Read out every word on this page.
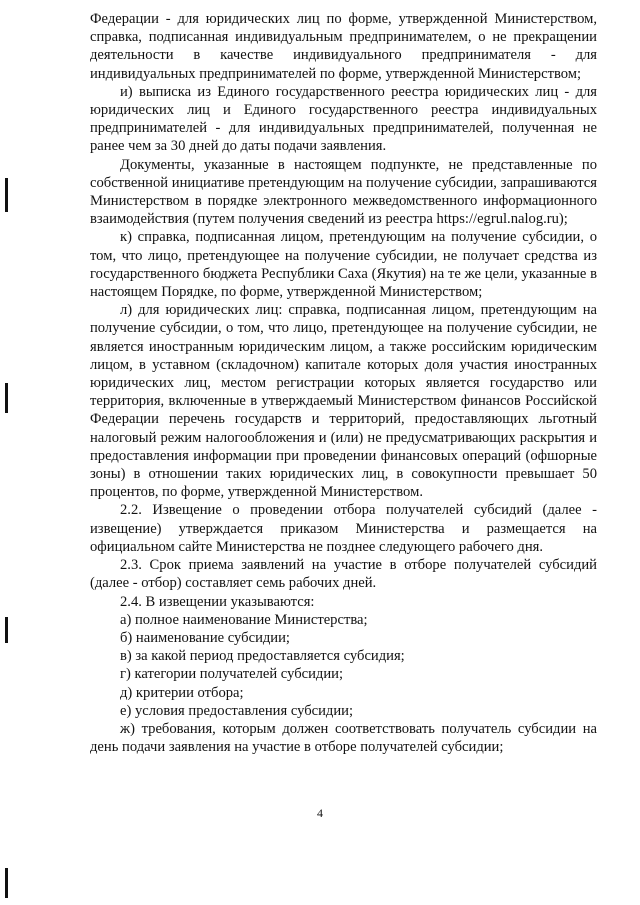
Федерации - для юридических лиц по форме, утвержденной Министерством, справка, подписанная индивидуальным предпринимателем, о не прекращении деятельности в качестве индивидуального предпринимателя - для индивидуальных предпринимателей по форме, утвержденной Министерством;

и) выписка из Единого государственного реестра юридических лиц - для юридических лиц и Единого государственного реестра индивидуальных предпринимателей - для индивидуальных предпринимателей, полученная не ранее чем за 30 дней до даты подачи заявления.

Документы, указанные в настоящем подпункте, не представленные по собственной инициативе претендующим на получение субсидии, запрашиваются Министерством в порядке электронного межведомственного информационного взаимодействия (путем получения сведений из реестра https://egrul.nalog.ru);

к) справка, подписанная лицом, претендующим на получение субсидии, о том, что лицо, претендующее на получение субсидии, не получает средства из государственного бюджета Республики Саха (Якутия) на те же цели, указанные в настоящем Порядке, по форме, утвержденной Министерством;

л) для юридических лиц: справка, подписанная лицом, претендующим на получение субсидии, о том, что лицо, претендующее на получение субсидии, не является иностранным юридическим лицом, а также российским юридическим лицом, в уставном (складочном) капитале которых доля участия иностранных юридических лиц, местом регистрации которых является государство или территория, включенные в утверждаемый Министерством финансов Российской Федерации перечень государств и территорий, предоставляющих льготный налоговый режим налогообложения и (или) не предусматривающих раскрытия и предоставления информации при проведении финансовых операций (офшорные зоны) в отношении таких юридических лиц, в совокупности превышает 50 процентов, по форме, утвержденной Министерством.

2.2. Извещение о проведении отбора получателей субсидий (далее - извещение) утверждается приказом Министерства и размещается на официальном сайте Министерства не позднее следующего рабочего дня.

2.3. Срок приема заявлений на участие в отборе получателей субсидий (далее - отбор) составляет семь рабочих дней.

2.4. В извещении указываются:

а) полное наименование Министерства;

б) наименование субсидии;

в) за какой период предоставляется субсидия;

г) категории получателей субсидии;

д) критерии отбора;

е) условия предоставления субсидии;

ж) требования, которым должен соответствовать получатель субсидии на день подачи заявления на участие в отборе получателей субсидии;

4
